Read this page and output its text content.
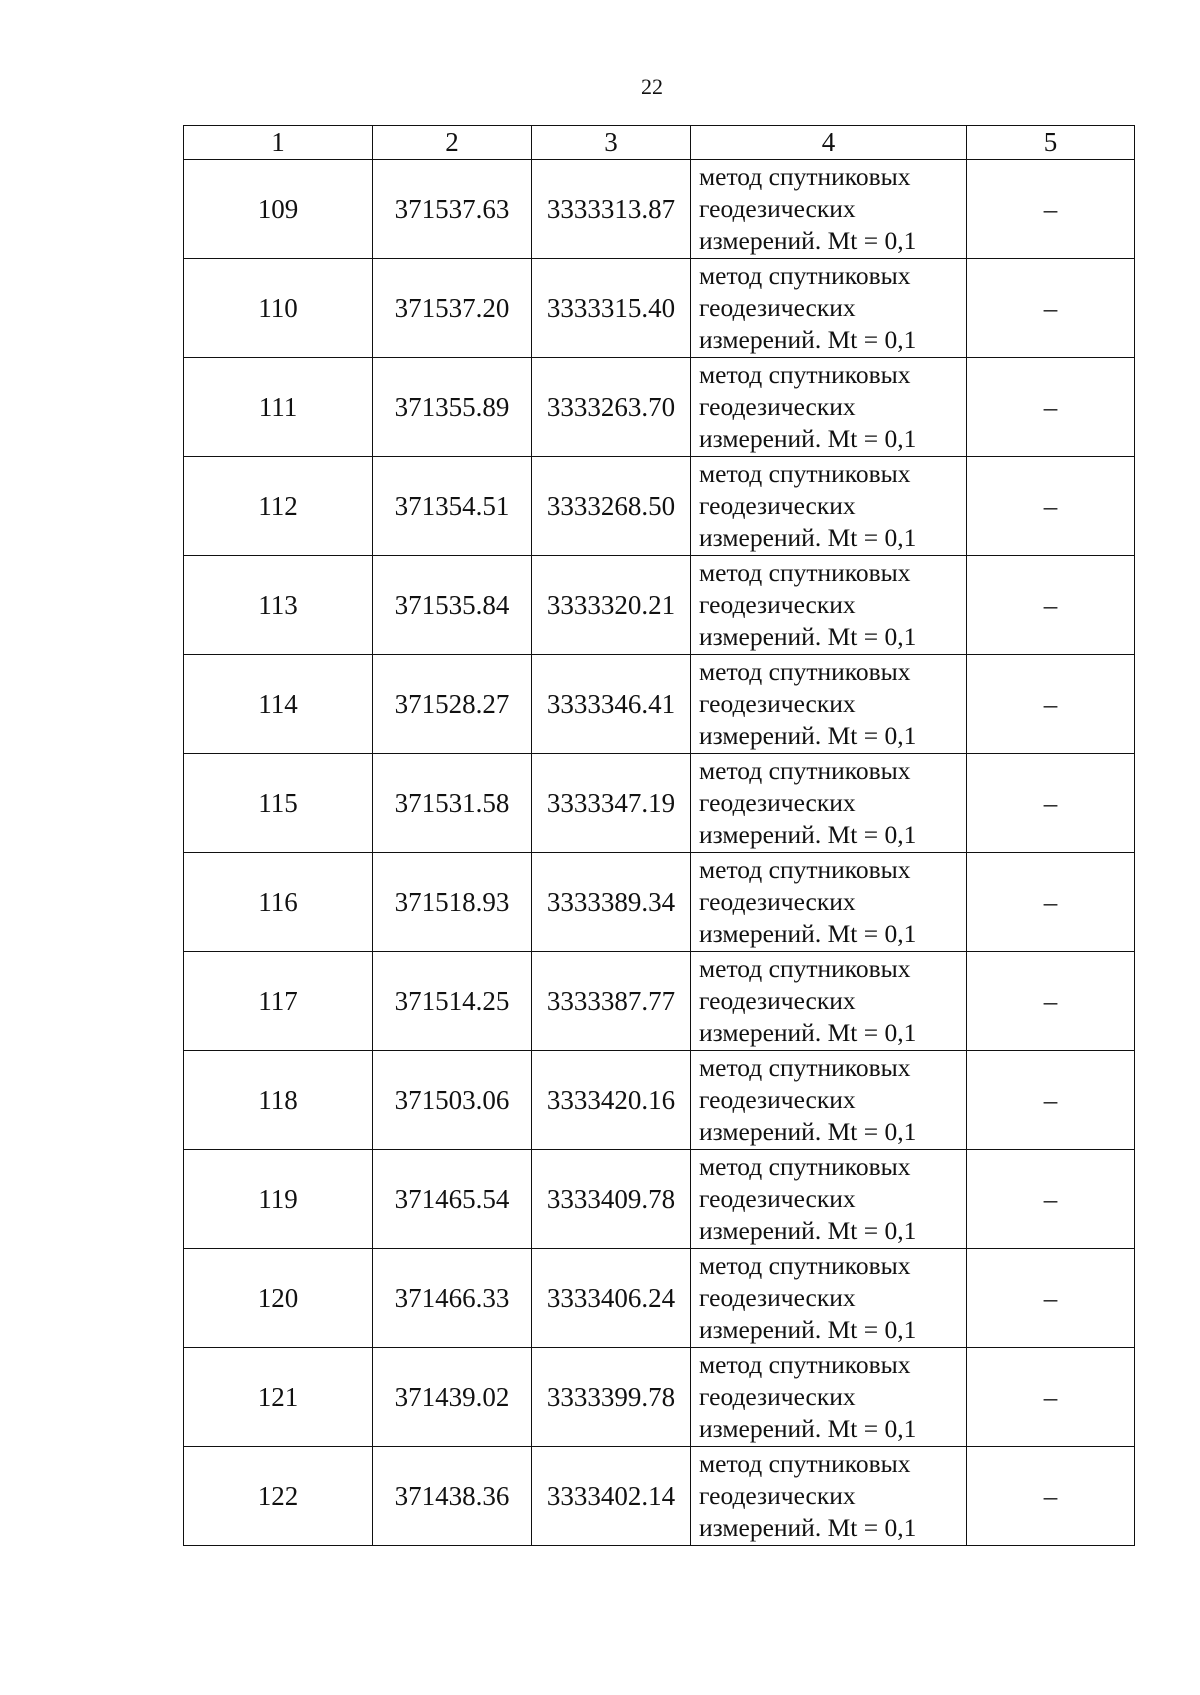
22
1	2	3	4	5
109	371537.63	3333313.87	метод спутниковых
геодезических
измерений. Mt = 0,1	–
110	371537.20	3333315.40	метод спутниковых
геодезических
измерений. Mt = 0,1	–
111	371355.89	3333263.70	метод спутниковых
геодезических
измерений. Mt = 0,1	–
112	371354.51	3333268.50	метод спутниковых
геодезических
измерений. Mt = 0,1	–
113	371535.84	3333320.21	метод спутниковых
геодезических
измерений. Mt = 0,1	–
114	371528.27	3333346.41	метод спутниковых
геодезических
измерений. Mt = 0,1	–
115	371531.58	3333347.19	метод спутниковых
геодезических
измерений. Mt = 0,1	–
116	371518.93	3333389.34	метод спутниковых
геодезических
измерений. Mt = 0,1	–
117	371514.25	3333387.77	метод спутниковых
геодезических
измерений. Mt = 0,1	–
118	371503.06	3333420.16	метод спутниковых
геодезических
измерений. Mt = 0,1	–
119	371465.54	3333409.78	метод спутниковых
геодезических
измерений. Mt = 0,1	–
120	371466.33	3333406.24	метод спутниковых
геодезических
измерений. Mt = 0,1	–
121	371439.02	3333399.78	метод спутниковых
геодезических
измерений. Mt = 0,1	–
122	371438.36	3333402.14	метод спутниковых
геодезических
измерений. Mt = 0,1	–
